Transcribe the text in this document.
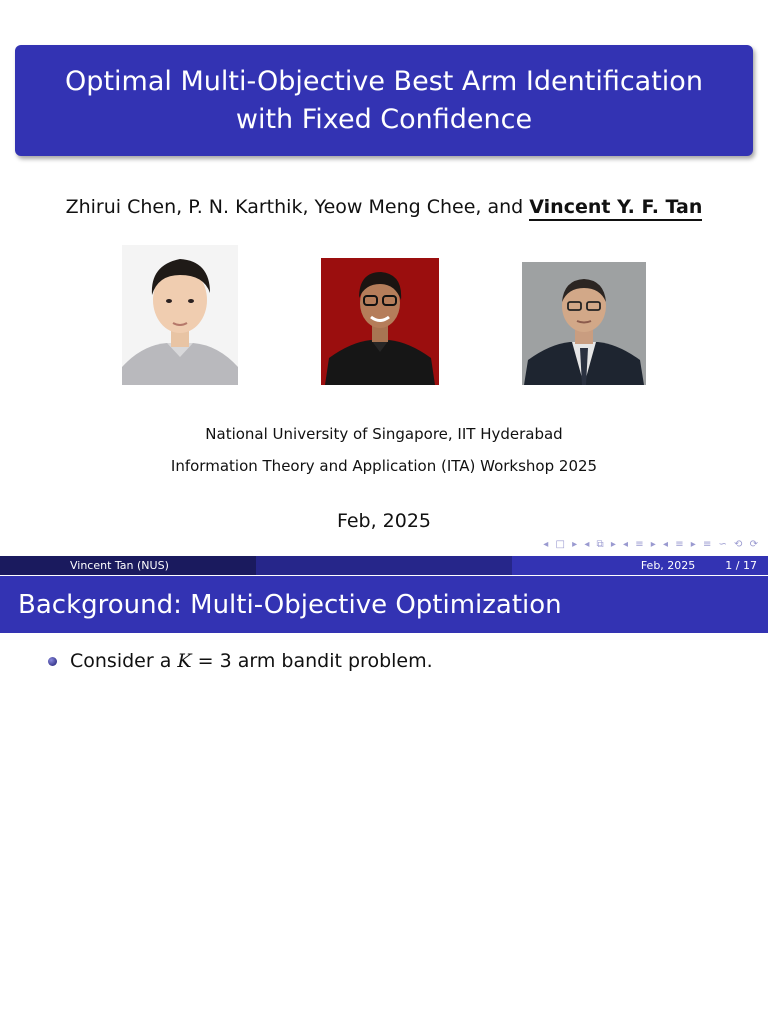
Optimal Multi-Objective Best Arm Identification
with Fixed Confidence
Zhirui Chen, P. N. Karthik, Yeow Meng Chee, and Vincent Y. F. Tan
National University of Singapore, IIT Hyderabad
Information Theory and Application (ITA) Workshop 2025
Feb, 2025
◂ □ ▸ ◂ ⧉ ▸ ◂ ≡ ▸ ◂ ≡ ▸ ≡ ∽ ⟲ ⟳
Vincent Tan (NUS)	Feb, 2025	1 / 17
Background: Multi-Objective Optimization
Consider a K = 3 arm bandit problem.
